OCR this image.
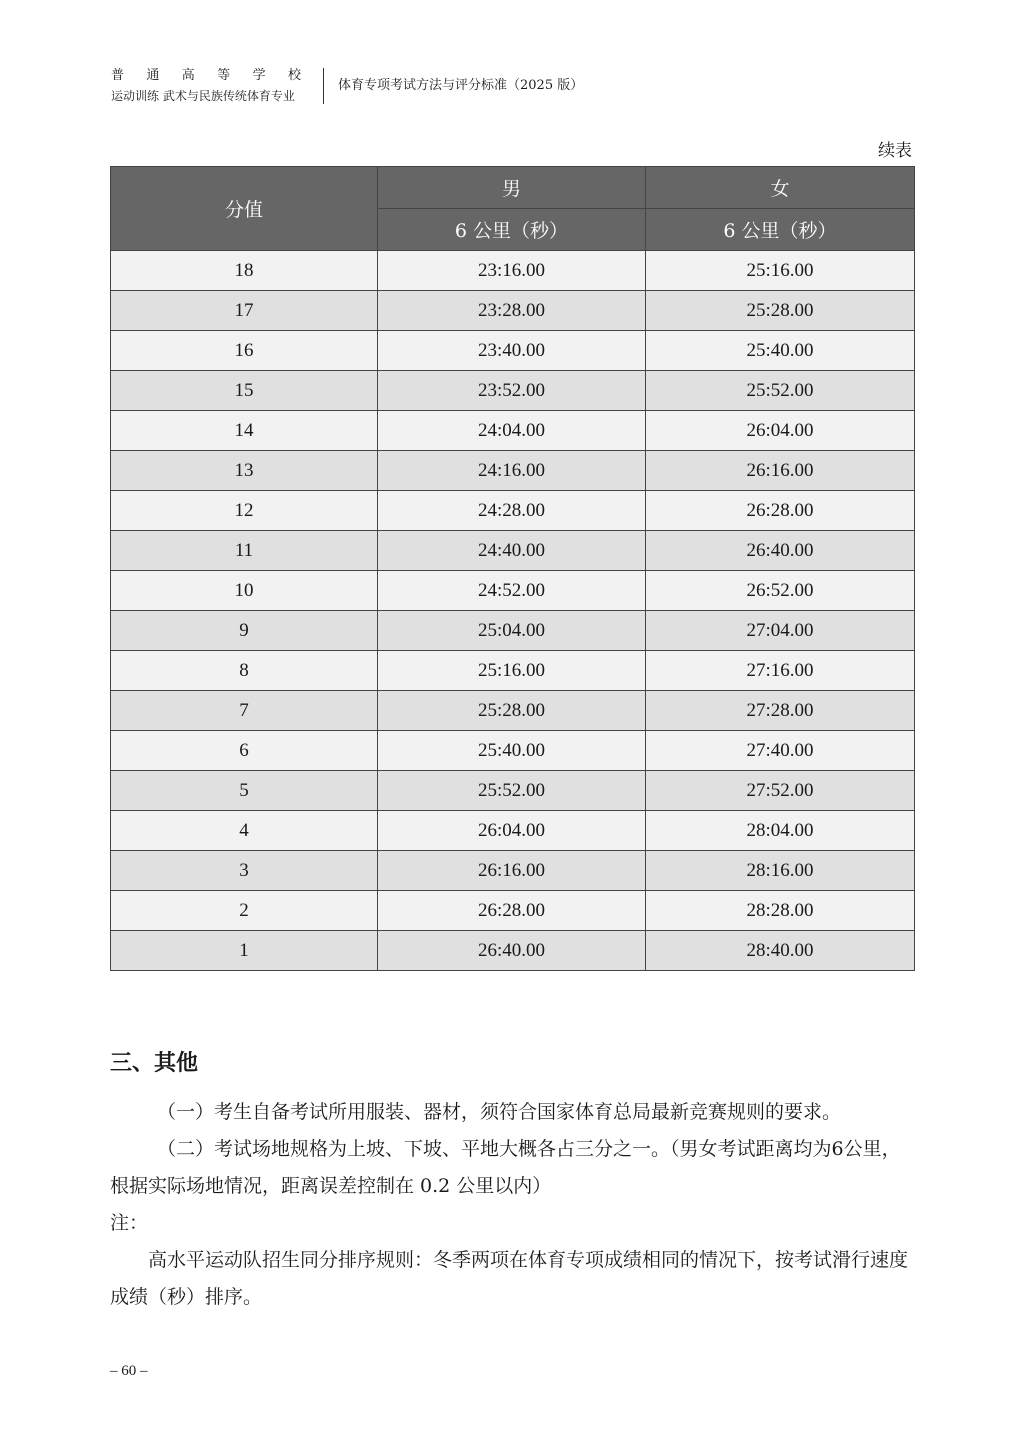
普 通 高 等 学 校
运动训练 武术与民族传统体育专业
体育专项考试方法与评分标准（2025 版）
续表
分值	男	女
	6 公里（秒）	6 公里（秒）
18	23:16.00	25:16.00
17	23:28.00	25:28.00
16	23:40.00	25:40.00
15	23:52.00	25:52.00
14	24:04.00	26:04.00
13	24:16.00	26:16.00
12	24:28.00	26:28.00
11	24:40.00	26:40.00
10	24:52.00	26:52.00
9	25:04.00	27:04.00
8	25:16.00	27:16.00
7	25:28.00	27:28.00
6	25:40.00	27:40.00
5	25:52.00	27:52.00
4	26:04.00	28:04.00
3	26:16.00	28:16.00
2	26:28.00	28:28.00
1	26:40.00	28:40.00
三、其他
（一）考生自备考试所用服装、器材，须符合国家体育总局最新竞赛规则的要求。
（二）考试场地规格为上坡、下坡、平地大概各占三分之一。（男女考试距离均为6公里，根据实际场地情况，距离误差控制在 0.2 公里以内）
注：
高水平运动队招生同分排序规则：冬季两项在体育专项成绩相同的情况下，按考试滑行速度成绩（秒）排序。
– 60 –
